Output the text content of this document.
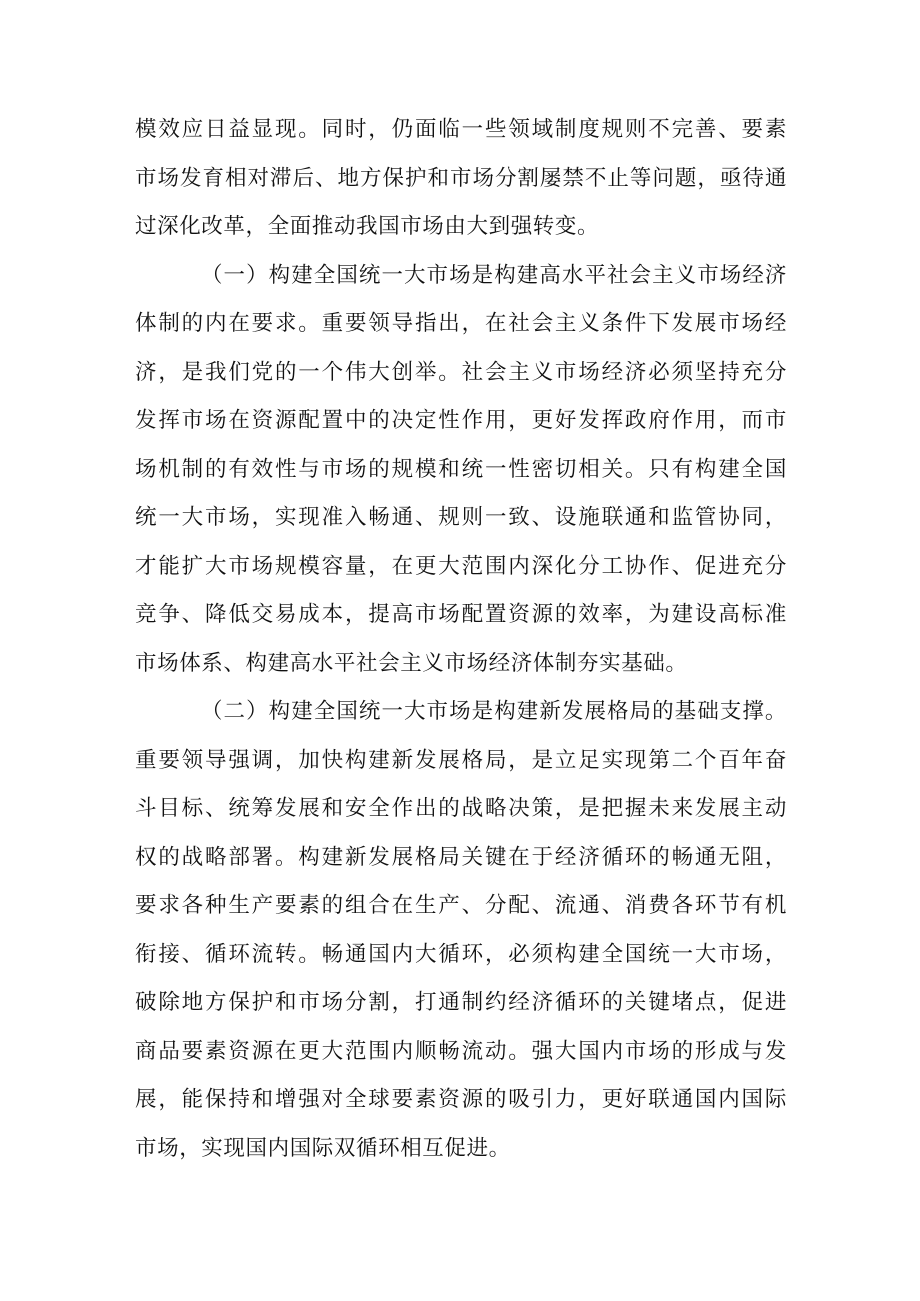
模效应日益显现。同时，仍面临一些领域制度规则不完善、要素
市场发育相对滞后、地方保护和市场分割屡禁不止等问题，亟待通
过深化改革，全面推动我国市场由大到强转变。
（一）构建全国统一大市场是构建高水平社会主义市场经济
体制的内在要求。重要领导指出，在社会主义条件下发展市场经
济，是我们党的一个伟大创举。社会主义市场经济必须坚持充分
发挥市场在资源配置中的决定性作用，更好发挥政府作用，而市
场机制的有效性与市场的规模和统一性密切相关。只有构建全国
统一大市场，实现准入畅通、规则一致、设施联通和监管协同，
才能扩大市场规模容量，在更大范围内深化分工协作、促进充分
竞争、降低交易成本，提高市场配置资源的效率，为建设高标准
市场体系、构建高水平社会主义市场经济体制夯实基础。
（二）构建全国统一大市场是构建新发展格局的基础支撑。
重要领导强调，加快构建新发展格局，是立足实现第二个百年奋
斗目标、统筹发展和安全作出的战略决策，是把握未来发展主动
权的战略部署。构建新发展格局关键在于经济循环的畅通无阻，
要求各种生产要素的组合在生产、分配、流通、消费各环节有机
衔接、循环流转。畅通国内大循环，必须构建全国统一大市场，
破除地方保护和市场分割，打通制约经济循环的关键堵点，促进
商品要素资源在更大范围内顺畅流动。强大国内市场的形成与发
展，能保持和增强对全球要素资源的吸引力，更好联通国内国际
市场，实现国内国际双循环相互促进。
